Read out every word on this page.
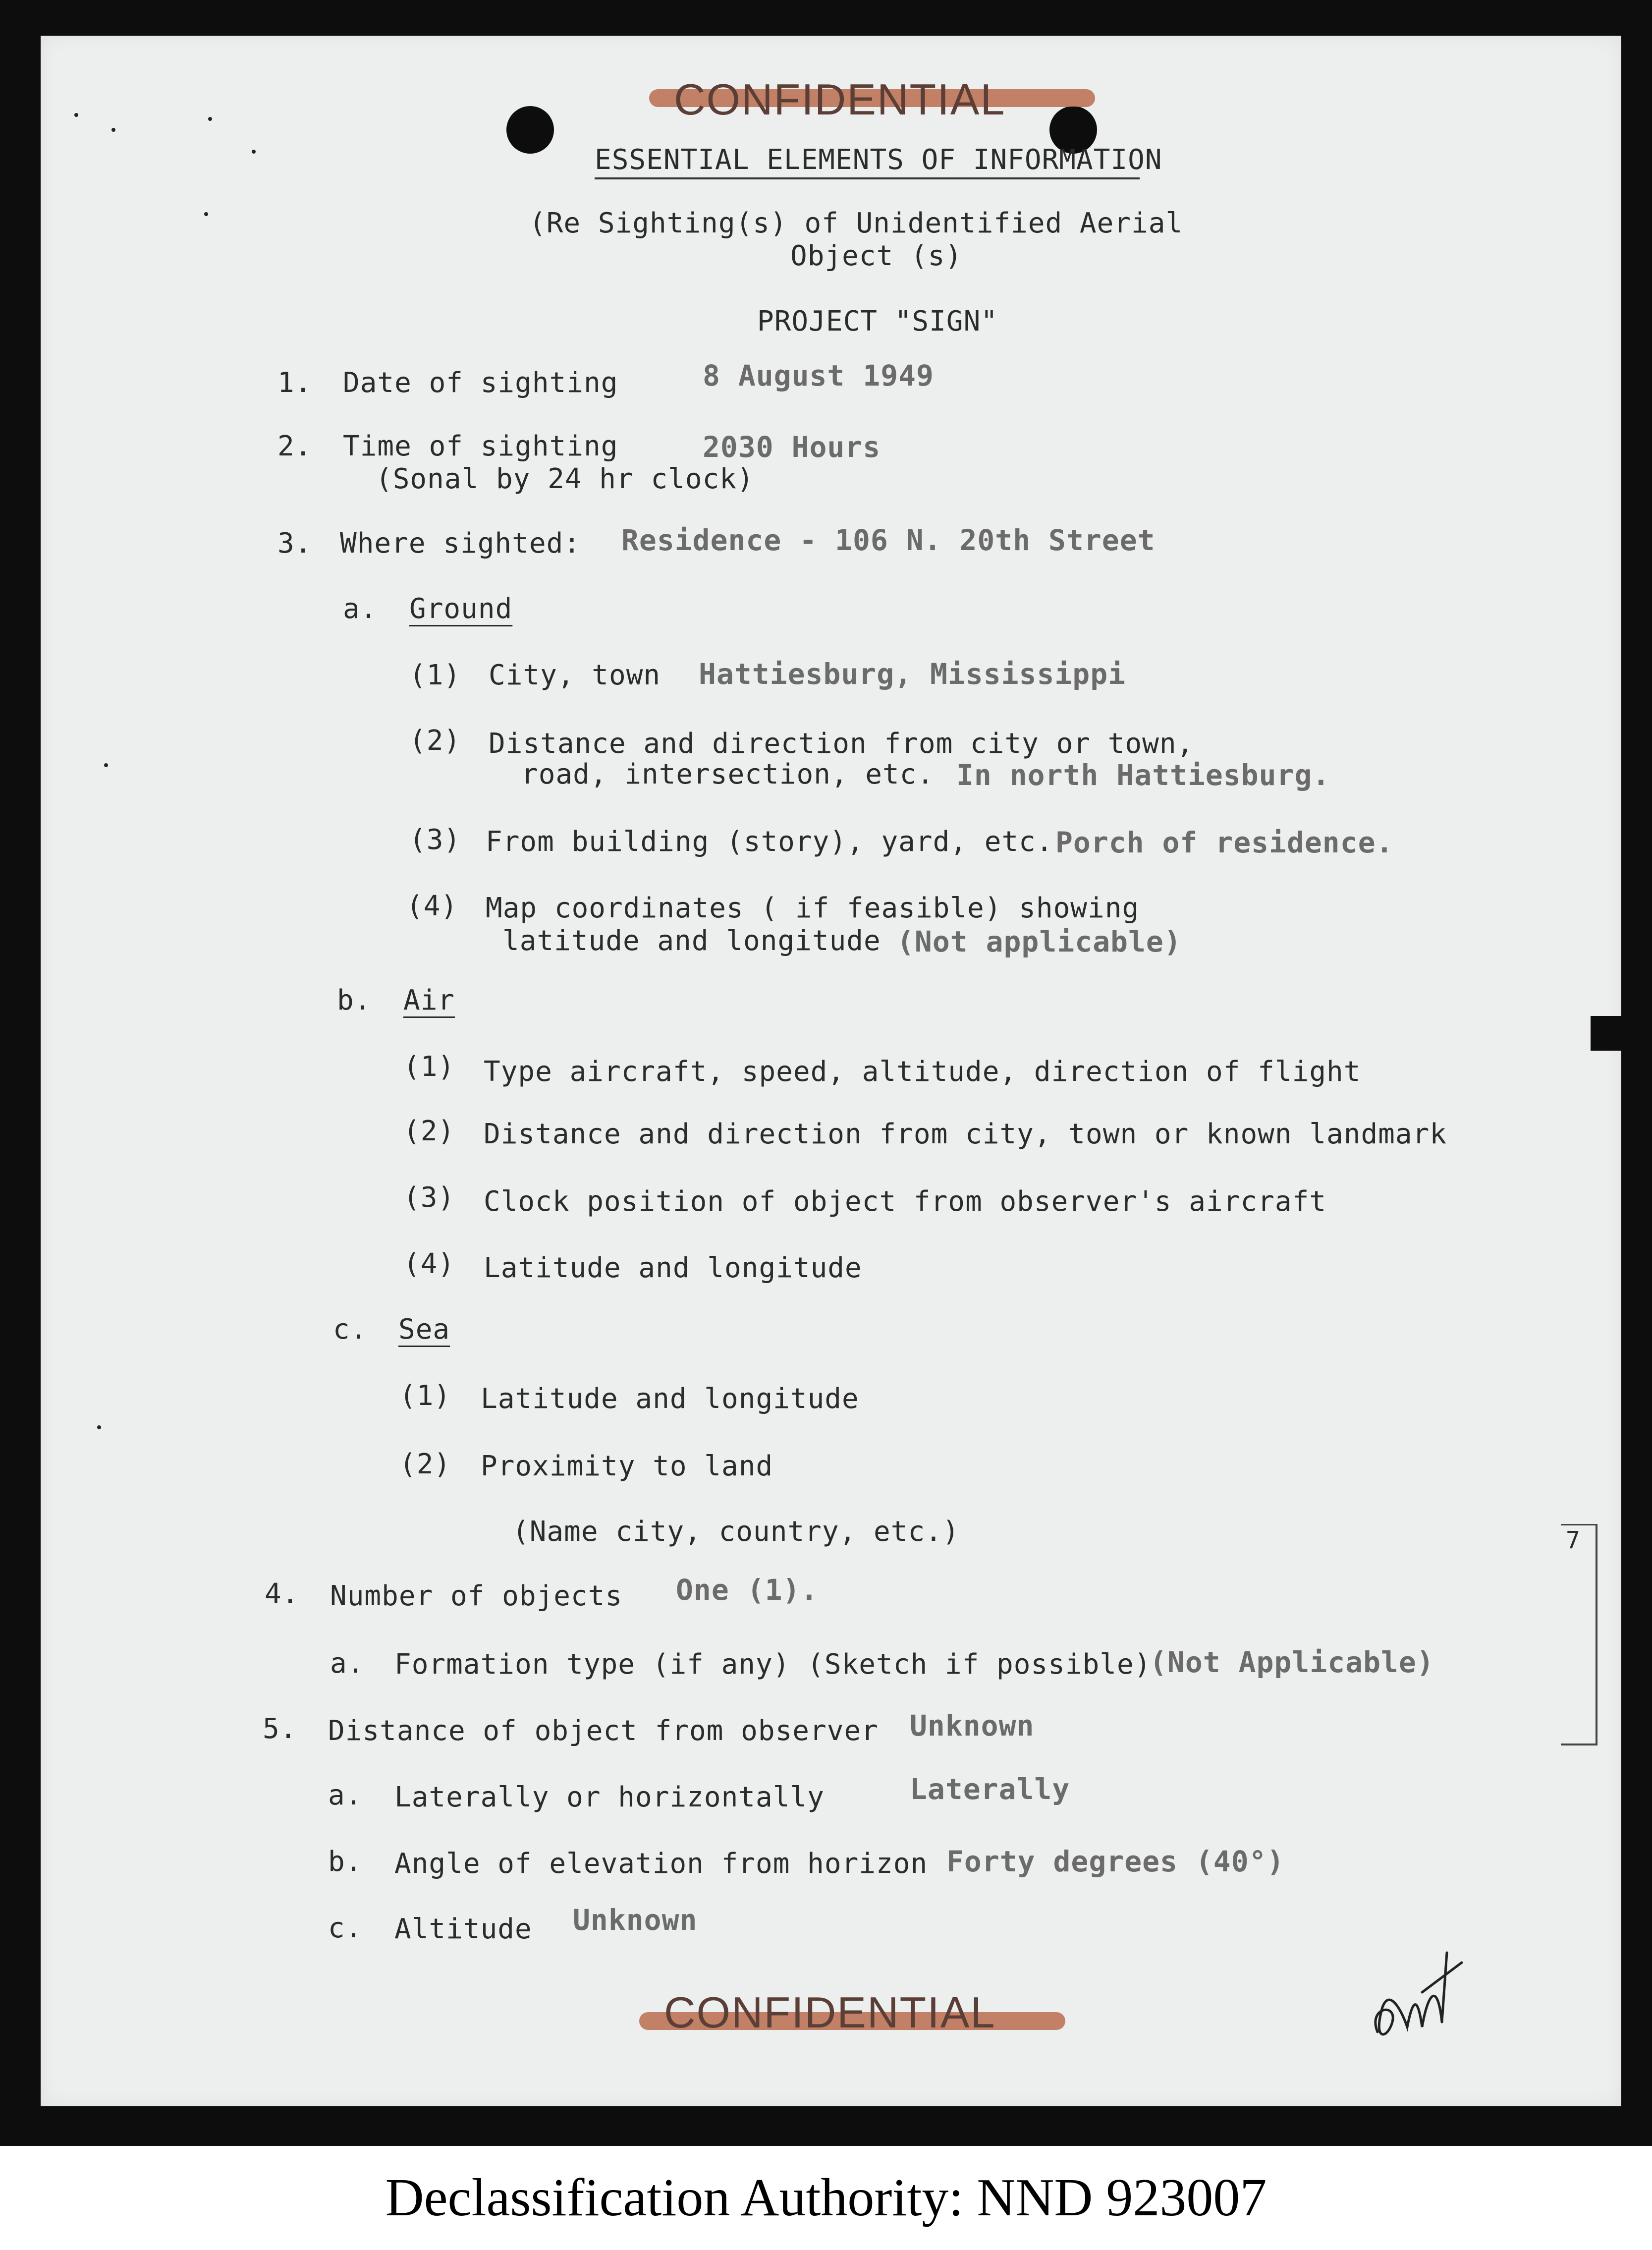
CONFIDENTIAL
ESSENTIAL ELEMENTS OF INFORMATION
(Re Sighting(s) of Unidentified Aerial
Object (s)
PROJECT "SIGN"
1. Date of sighting	8 August 1949
2. Time of sighting
(Sonal by 24 hr clock)
2030 Hours
3. Where sighted: Residence - 106 N. 20th Street
a. Ground
(1) City, town Hattiesburg, Mississippi
(2) Distance and direction from city or town,
road, intersection, etc. In north Hattiesburg.
(3) From building (story), yard, etc. Porch of residence.
(4) Map coordinates ( if feasible) showing
latitude and longitude (Not applicable)
b. Air
(1) Type aircraft, speed, altitude, direction of flight
(2) Distance and direction from city, town or known landmark
(3) Clock position of object from observer's aircraft
(4) Latitude and longitude
c. Sea
(1) Latitude and longitude
(2) Proximity to land
(Name city, country, etc.)
4. Number of objects One (1).
a. Formation type (if any) (Sketch if possible)
(Not Applicable)
5. Distance of object from observer Unknown
a. Laterally or horizontally	Laterally
b. Angle of elevation from horizon Forty degrees (40°)
c. Altitude Unknown
7
CONFIDENTIAL
Declassification Authority: NND 923007
